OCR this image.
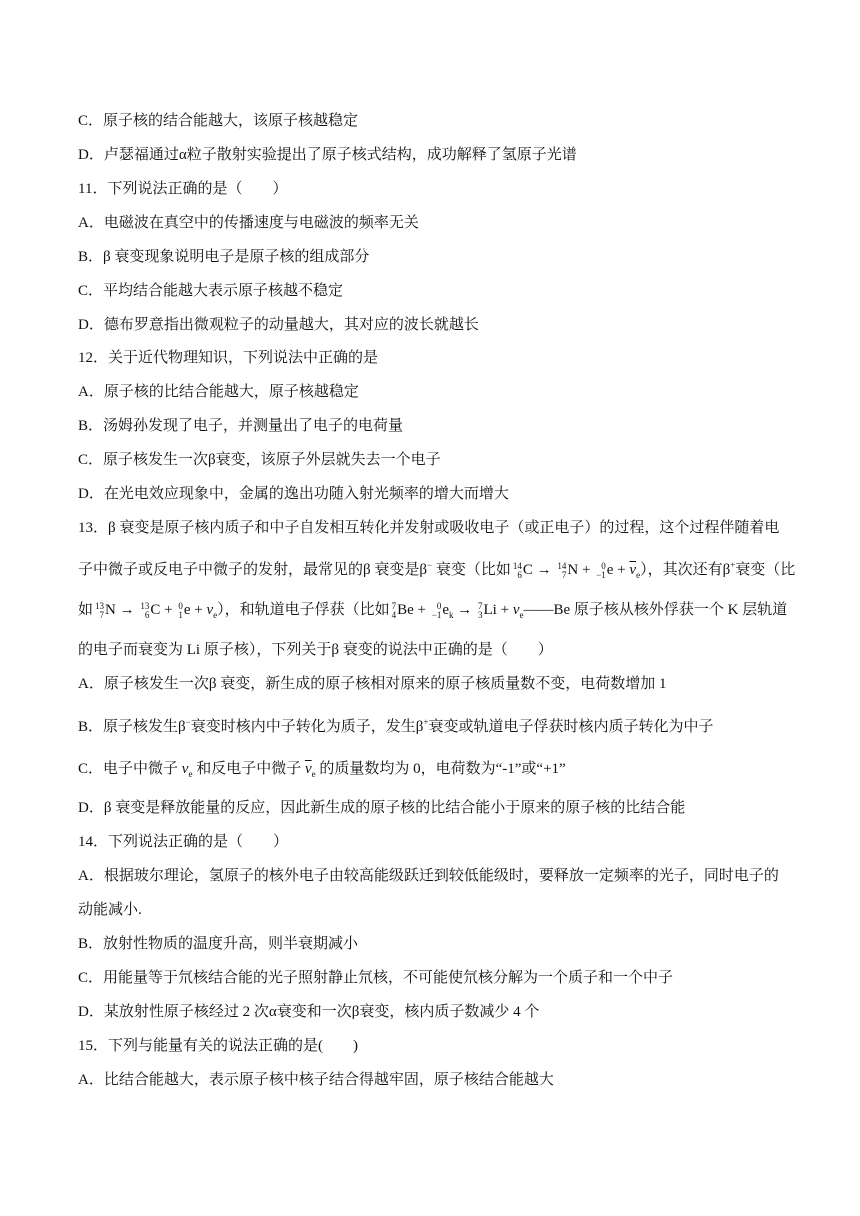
C．原子核的结合能越大，该原子核越稳定
D．卢瑟福通过α粒子散射实验提出了原子核式结构，成功解释了氢原子光谱
11．下列说法正确的是（　　）
A．电磁波在真空中的传播速度与电磁波的频率无关
B．β 衰变现象说明电子是原子核的组成部分
C．平均结合能越大表示原子核越不稳定
D．德布罗意指出微观粒子的动量越大，其对应的波长就越长
12．关于近代物理知识，下列说法中正确的是
A．原子核的比结合能越大，原子核越稳定
B．汤姆孙发现了电子，并测量出了电子的电荷量
C．原子核发生一次β衰变，该原子外层就失去一个电子
D．在光电效应现象中，金属的逸出功随入射光频率的增大而增大
13．β 衰变是原子核内质子和中子自发相互转化并发射或吸收电子（或正电子）的过程，这个过程伴随着电
子中微子或反电子中微子的发射，最常见的β 衰变是β− 衰变（比如 14
6 C → 14
7 N + 0
−1 $e + \overline{\nu}_e$），其次还有β+衰变（比
如 13
7 N → 13
6 C + 0
1 $e + \nu_e$），和轨道电子俘获（比如 7
4 Be + 0
−1 $e_k \to 7$
3 $Li + \nu_e——Be$ 原子核从核外俘获一个 K 层轨道
的电子而衰变为 Li 原子核），下列关于β 衰变的说法中正确的是（　　）
A．原子核发生一次β 衰变，新生成的原子核相对原来的原子核质量数不变，电荷数增加 1
B．原子核发生β−衰变时核内中子转化为质子，发生β+衰变或轨道电子俘获时核内质子转化为中子
C．电子中微子 $\nu_e$ 和反电子中微子 $\overline{\nu}_e$ 的质量数均为 0，电荷数为“-1”或“+1”
D．β 衰变是释放能量的反应，因此新生成的原子核的比结合能小于原来的原子核的比结合能
14．下列说法正确的是（　　）
A．根据玻尔理论，氢原子的核外电子由较高能级跃迁到较低能级时，要释放一定频率的光子，同时电子的
动能减小.
B．放射性物质的温度升高，则半衰期减小
C．用能量等于氘核结合能的光子照射静止氘核，不可能使氘核分解为一个质子和一个中子
D．某放射性原子核经过 2 次α衰变和一次β衰变，核内质子数减少 4 个
15．下列与能量有关的说法正确的是(　　)
A．比结合能越大，表示原子核中核子结合得越牢固，原子核结合能越大
